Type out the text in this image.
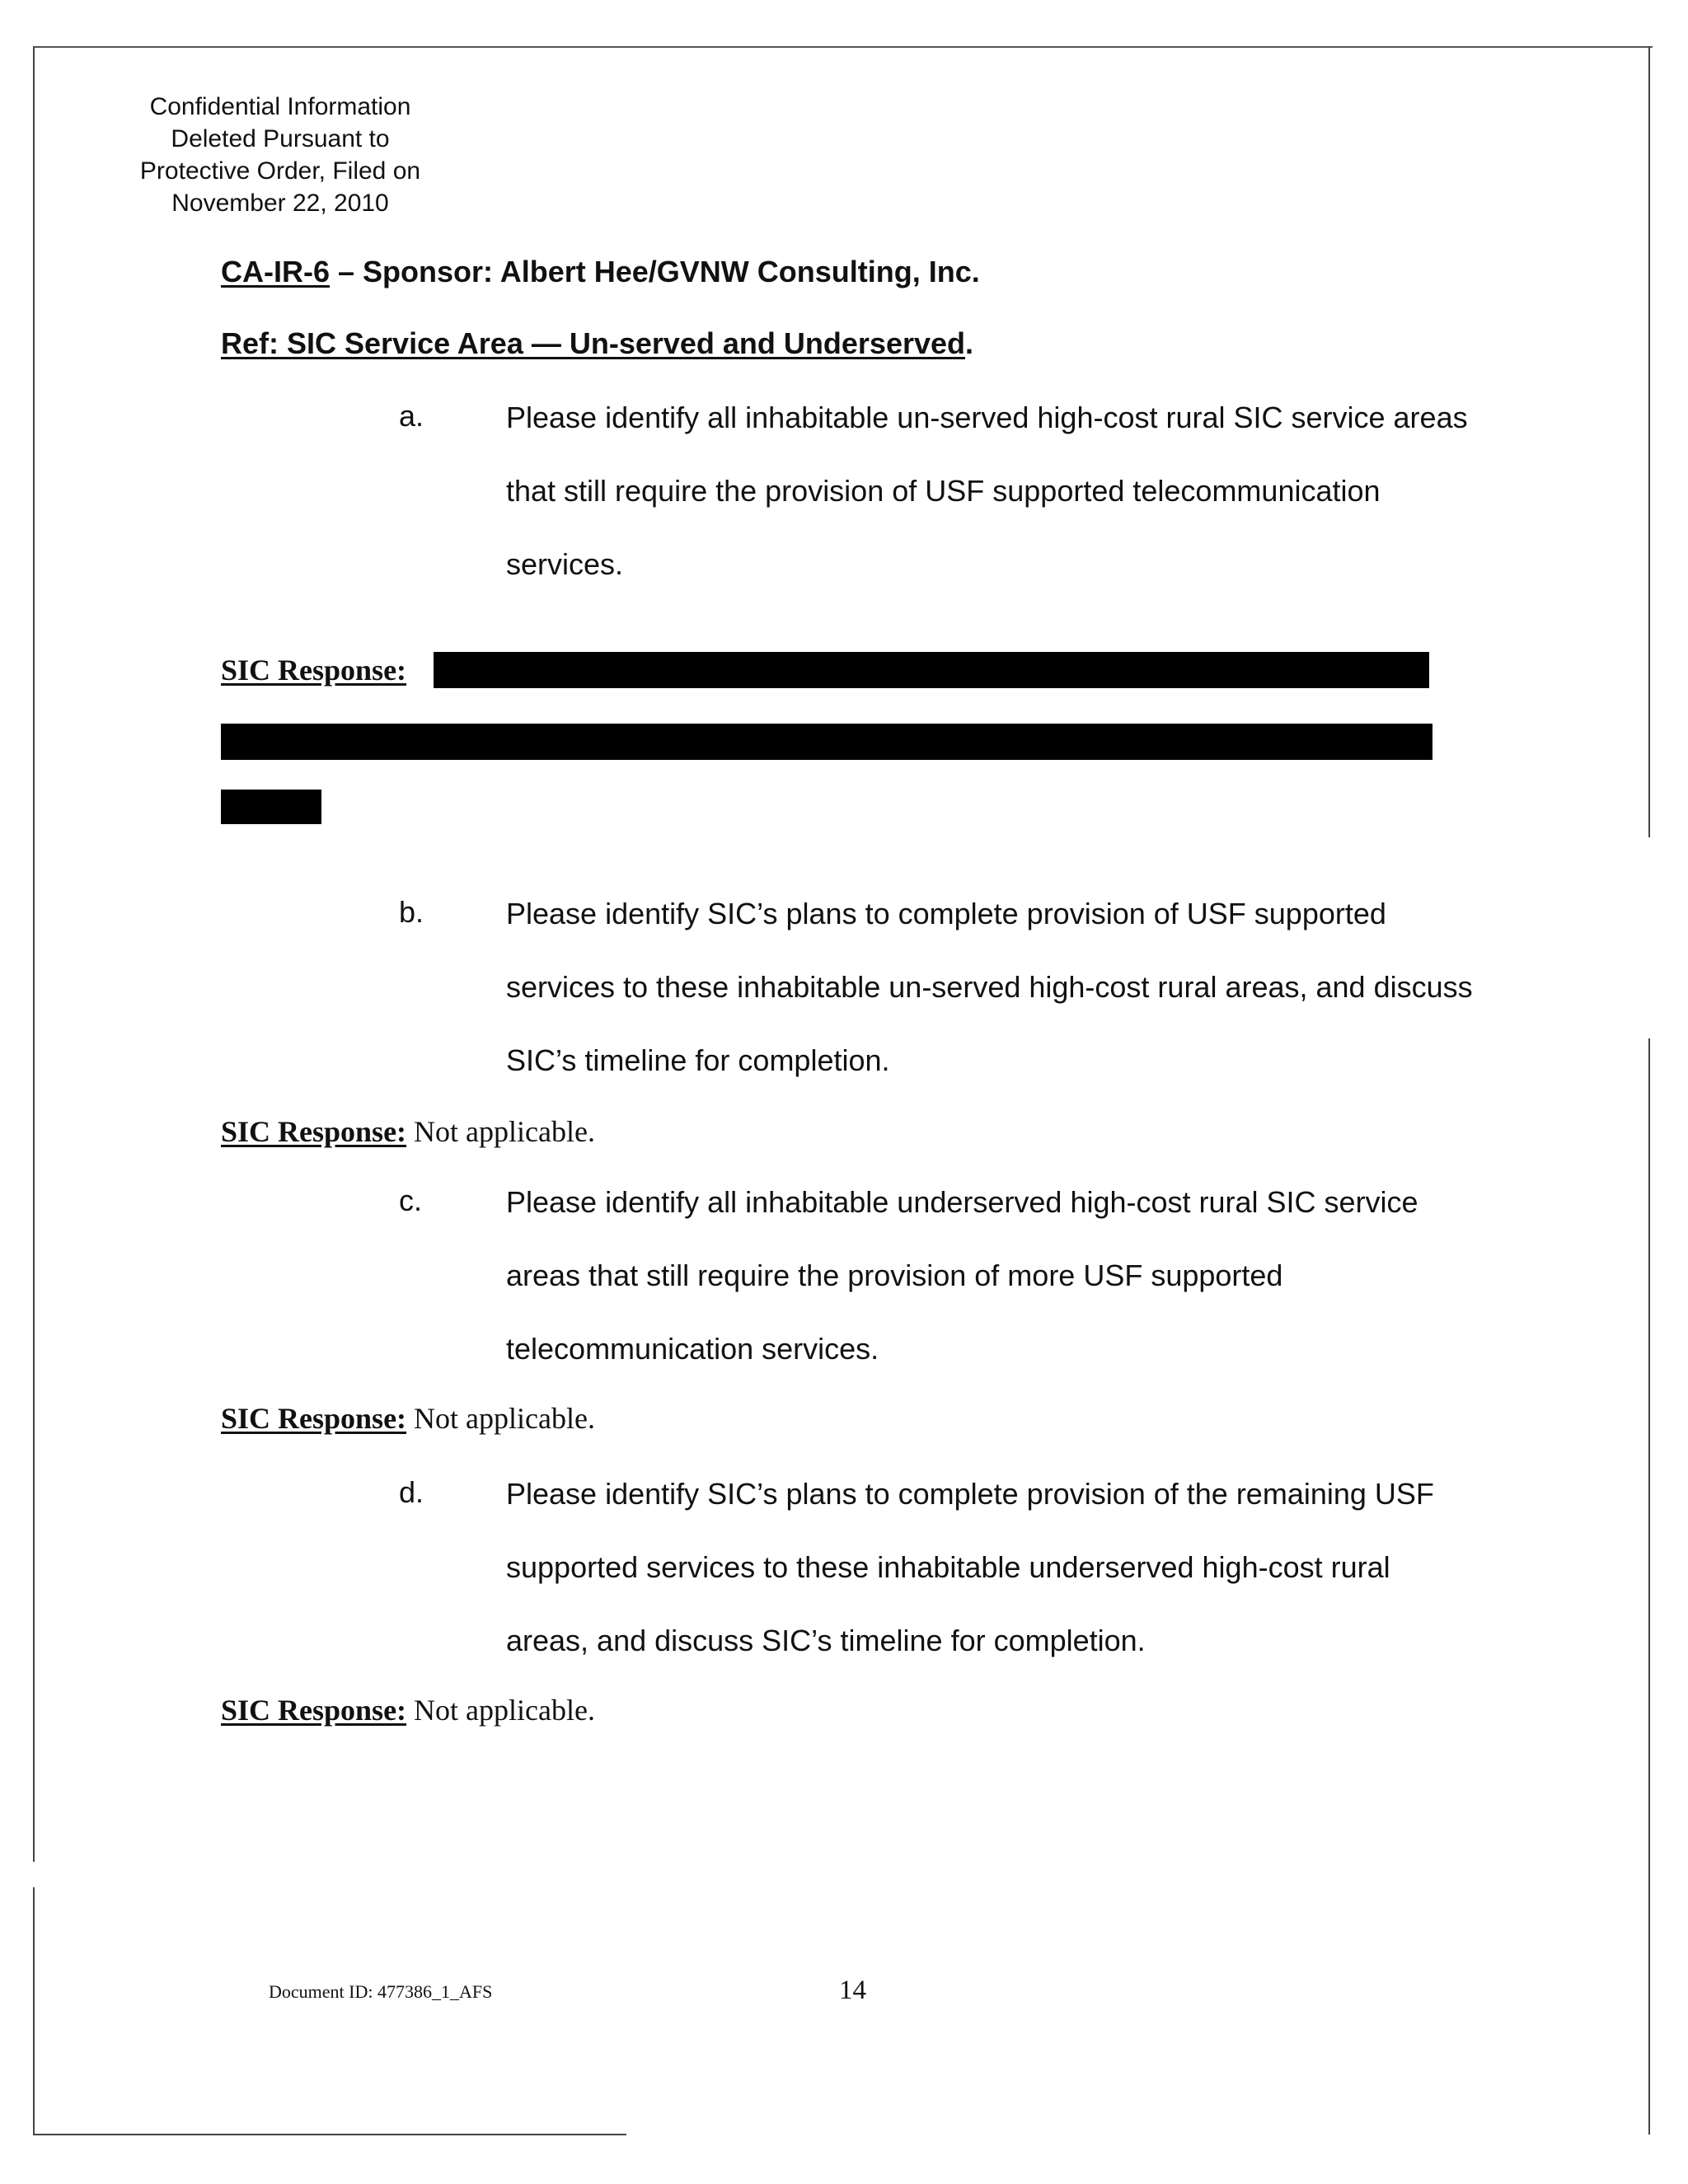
Confidential Information
Deleted Pursuant to
Protective Order, Filed on
November 22, 2010
CA-IR-6 – Sponsor: Albert Hee/GVNW Consulting, Inc.
Ref: SIC Service Area — Un-served and Underserved.
a.	Please identify all inhabitable un-served high-cost rural SIC service areas that still require the provision of USF supported telecommunication services.
SIC Response:
b.	Please identify SIC’s plans to complete provision of USF supported services to these inhabitable un-served high-cost rural areas, and discuss SIC’s timeline for completion.
SIC Response: Not applicable.
c.	Please identify all inhabitable underserved high-cost rural SIC service areas that still require the provision of more USF supported telecommunication services.
SIC Response: Not applicable.
d.	Please identify SIC’s plans to complete provision of the remaining USF supported services to these inhabitable underserved high-cost rural areas, and discuss SIC’s timeline for completion.
SIC Response: Not applicable.
Document ID: 477386_1_AFS	14
